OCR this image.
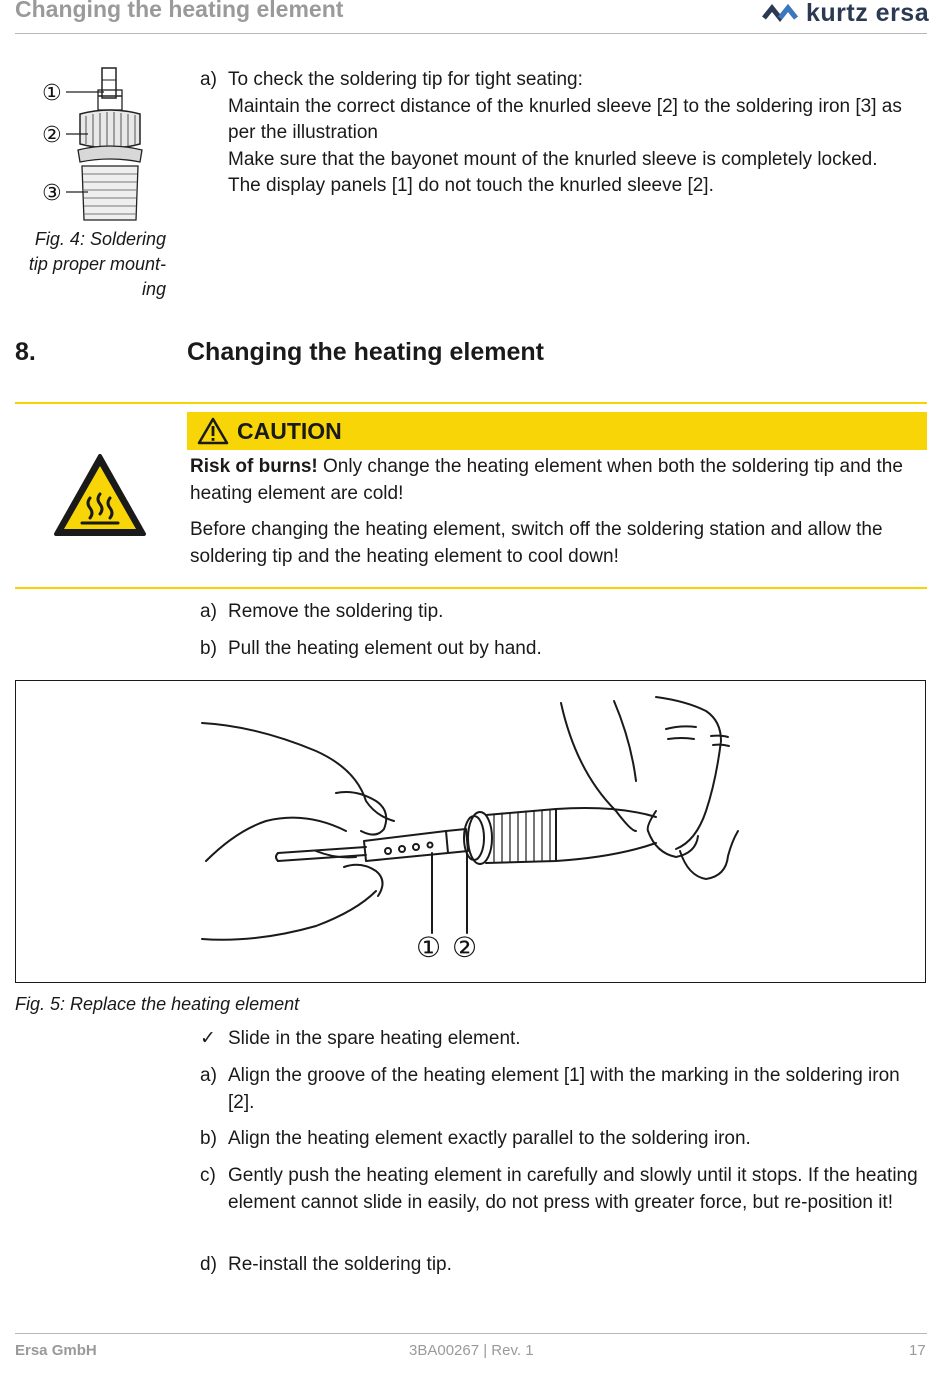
Changing the heating element	kurtz ersa
①
②
③
Fig. 4: Soldering
tip proper mount-
ing
a) To check the soldering tip for tight seating:
Maintain the correct distance of the knurled sleeve [2] to the soldering iron [3] as per the illustration
Make sure that the bayonet mount of the knurled sleeve is completely locked.
The display panels [1] do not touch the knurled sleeve [2].
8.	Changing the heating element
CAUTION

Risk of burns! Only change the heating element when both the soldering tip and the heating element are cold!

Before changing the heating element, switch off the soldering station and allow the soldering tip and the heating element to cool down!

a) Remove the soldering tip.
b) Pull the heating element out by hand.
① ②
Fig. 5: Replace the heating element
✓ Slide in the spare heating element.
a) Align the groove of the heating element [1] with the marking in the soldering iron [2].
b) Align the heating element exactly parallel to the soldering iron.
c) Gently push the heating element in carefully and slowly until it stops. If the heating element cannot slide in easily, do not press with greater force, but re-position it!
d) Re-install the soldering tip.
Ersa GmbH	3BA00267 | Rev. 1	17
